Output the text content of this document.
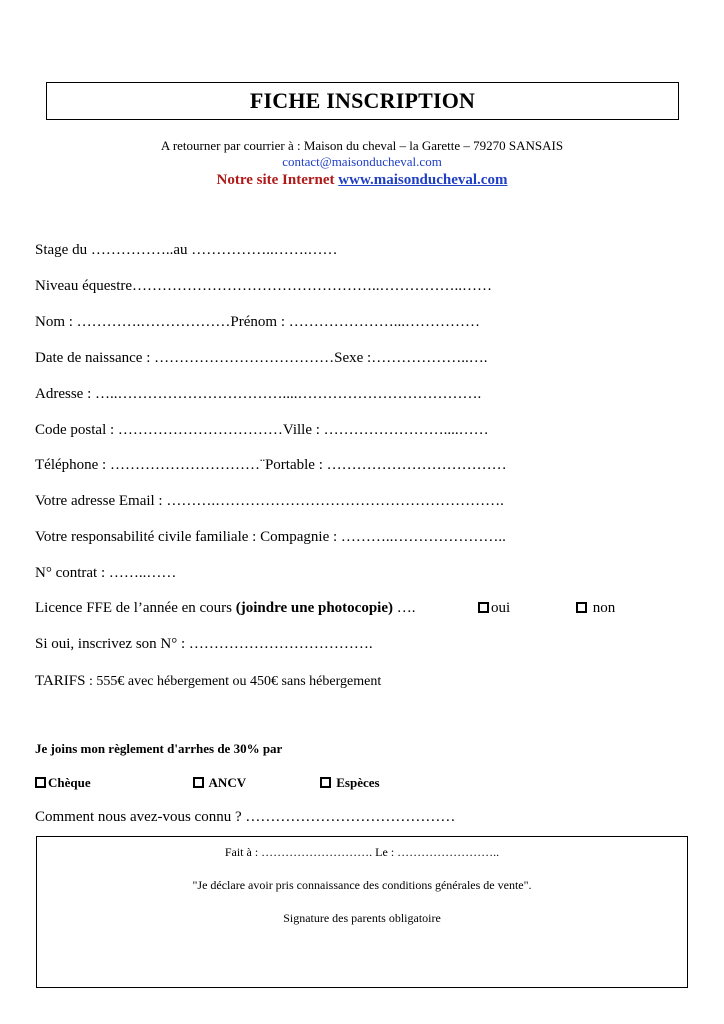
FICHE INSCRIPTION
A retourner par courrier à : Maison du cheval – la Garette – 79270 SANSAIS
contact@maisonducheval.com
Notre site Internet www.maisonducheval.com
Stage du ……………..au ……………..…….……
Niveau équestre…………………………………………..……………..……
Nom : ………….………………Prénom : …………………...……………
Date de naissance : ………………………………Sexe :………………..….
Adresse : …..……………………………....……………………………….
Code postal : ……………………………Ville : ……………………....……
Téléphone : …………………………¨Portable : ………………………………
Votre adresse Email : ……….………………………………………………….
Votre responsabilité civile familiale : Compagnie : ………..…………………..
N° contrat : ……..……
Licence FFE de l’année en cours (joindre une photocopie) ….	oui	non
Si oui, inscrivez son N° : ……………………………….
TARIFS : 555€ avec hébergement ou 450€ sans hébergement
Je joins mon règlement d'arrhes de 30% par
Chèque	ANCV	Espèces
Comment nous avez-vous connu ? ……………………………………
Fait à : ………………………. Le : ……………………..
"Je déclare avoir pris connaissance des conditions générales de vente".
Signature des parents obligatoire
